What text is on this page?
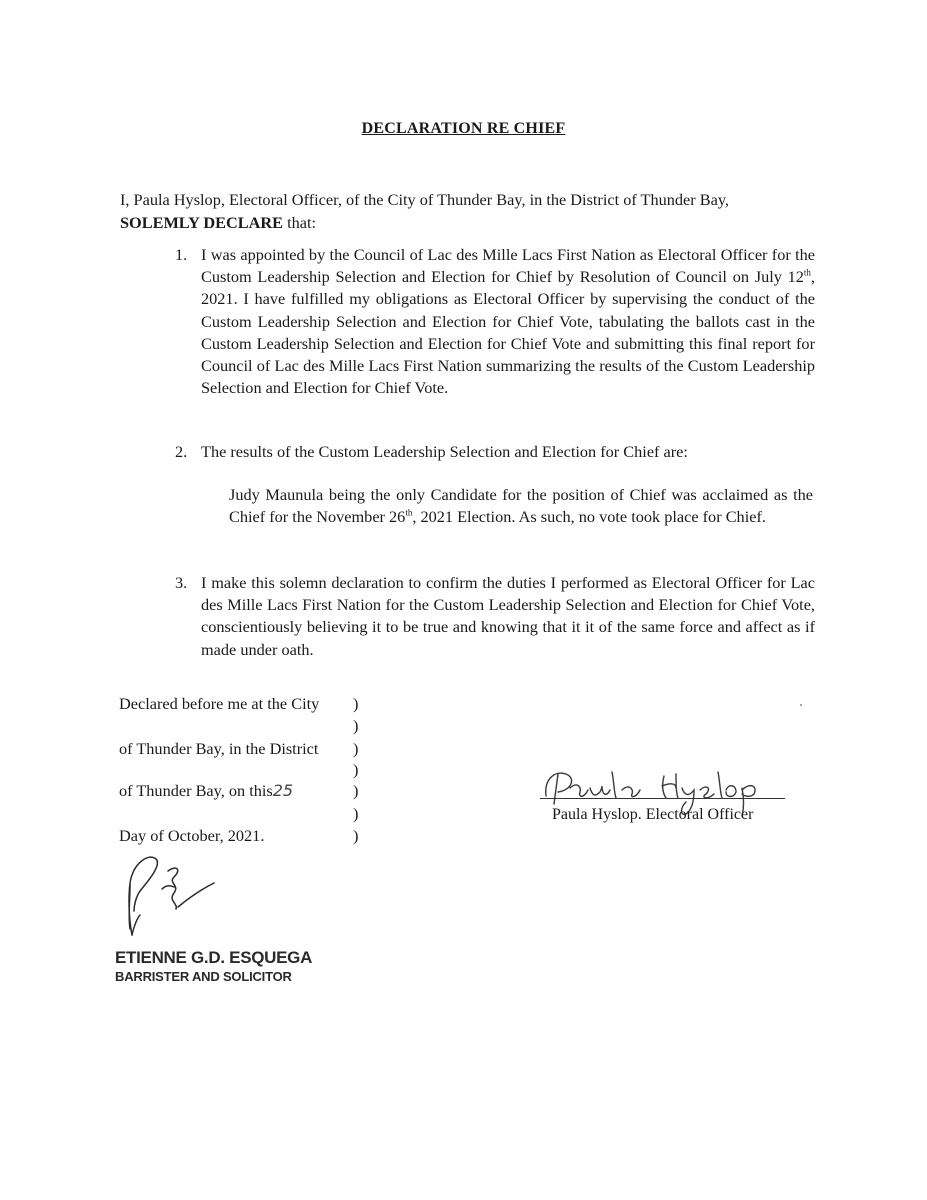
DECLARATION RE CHIEF
I, Paula Hyslop, Electoral Officer, of the City of Thunder Bay, in the District of Thunder Bay,
SOLEMLY DECLARE that:
1. I was appointed by the Council of Lac des Mille Lacs First Nation as Electoral Officer for the Custom Leadership Selection and Election for Chief by Resolution of Council on July 12th, 2021. I have fulfilled my obligations as Electoral Officer by supervising the conduct of the Custom Leadership Selection and Election for Chief Vote, tabulating the ballots cast in the Custom Leadership Selection and Election for Chief Vote and submitting this final report for Council of Lac des Mille Lacs First Nation summarizing the results of the Custom Leadership Selection and Election for Chief Vote.
2. The results of the Custom Leadership Selection and Election for Chief are:
Judy Maunula being the only Candidate for the position of Chief was acclaimed as the Chief for the November 26th, 2021 Election. As such, no vote took place for Chief.
3. I make this solemn declaration to confirm the duties I performed as Electoral Officer for Lac des Mille Lacs First Nation for the Custom Leadership Selection and Election for Chief Vote, conscientiously believing it to be true and knowing that it it of the same force and affect as if made under oath.
Declared before me at the City
of Thunder Bay, in the District
of Thunder Bay, on this25
Day of October, 2021.
)
)
)
)
)
)
)
Paula Hyslop. Electoral Officer
ETIENNE G.D. ESQUEGA
BARRISTER AND SOLICITOR
